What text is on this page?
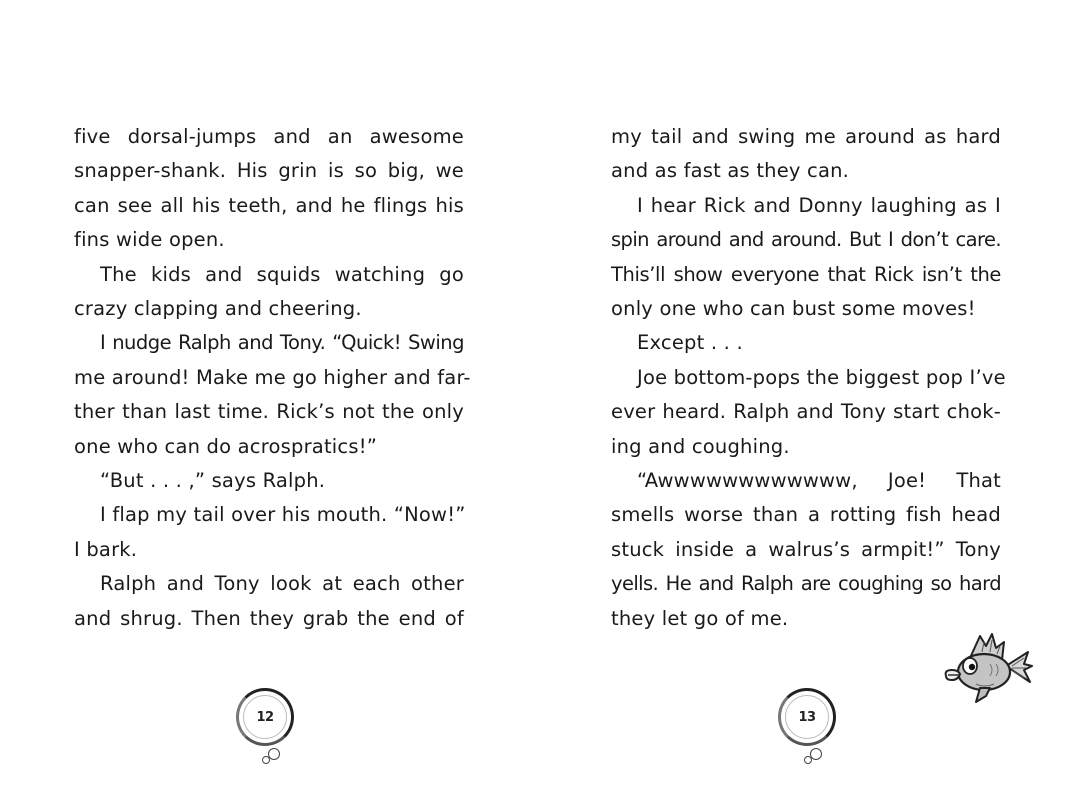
five dorsal-jumps and an awesome
snapper-shank. His grin is so big, we
can see all his teeth, and he flings his
fins wide open.

The kids and squids watching go
crazy clapping and cheering.

I nudge Ralph and Tony. “Quick! Swing
me around! Make me go higher and far-
ther than last time. Rick’s not the only
one who can do acrospratics!”

“But . . . ,” says Ralph.

I flap my tail over his mouth. “Now!”
I bark.

Ralph and Tony look at each other
and shrug. Then they grab the end of

12

my tail and swing me around as hard
and as fast as they can.

I hear Rick and Donny laughing as I
spin around and around. But I don’t care.
This’ll show everyone that Rick isn’t the
only one who can bust some moves!

Except . . .

Joe bottom-pops the biggest pop I’ve
ever heard. Ralph and Tony start chok-
ing and coughing.

“Awwwwwwwwwwww, Joe! That
smells worse than a rotting fish head
stuck inside a walrus’s armpit!” Tony
yells. He and Ralph are coughing so hard
they let go of me.

13
